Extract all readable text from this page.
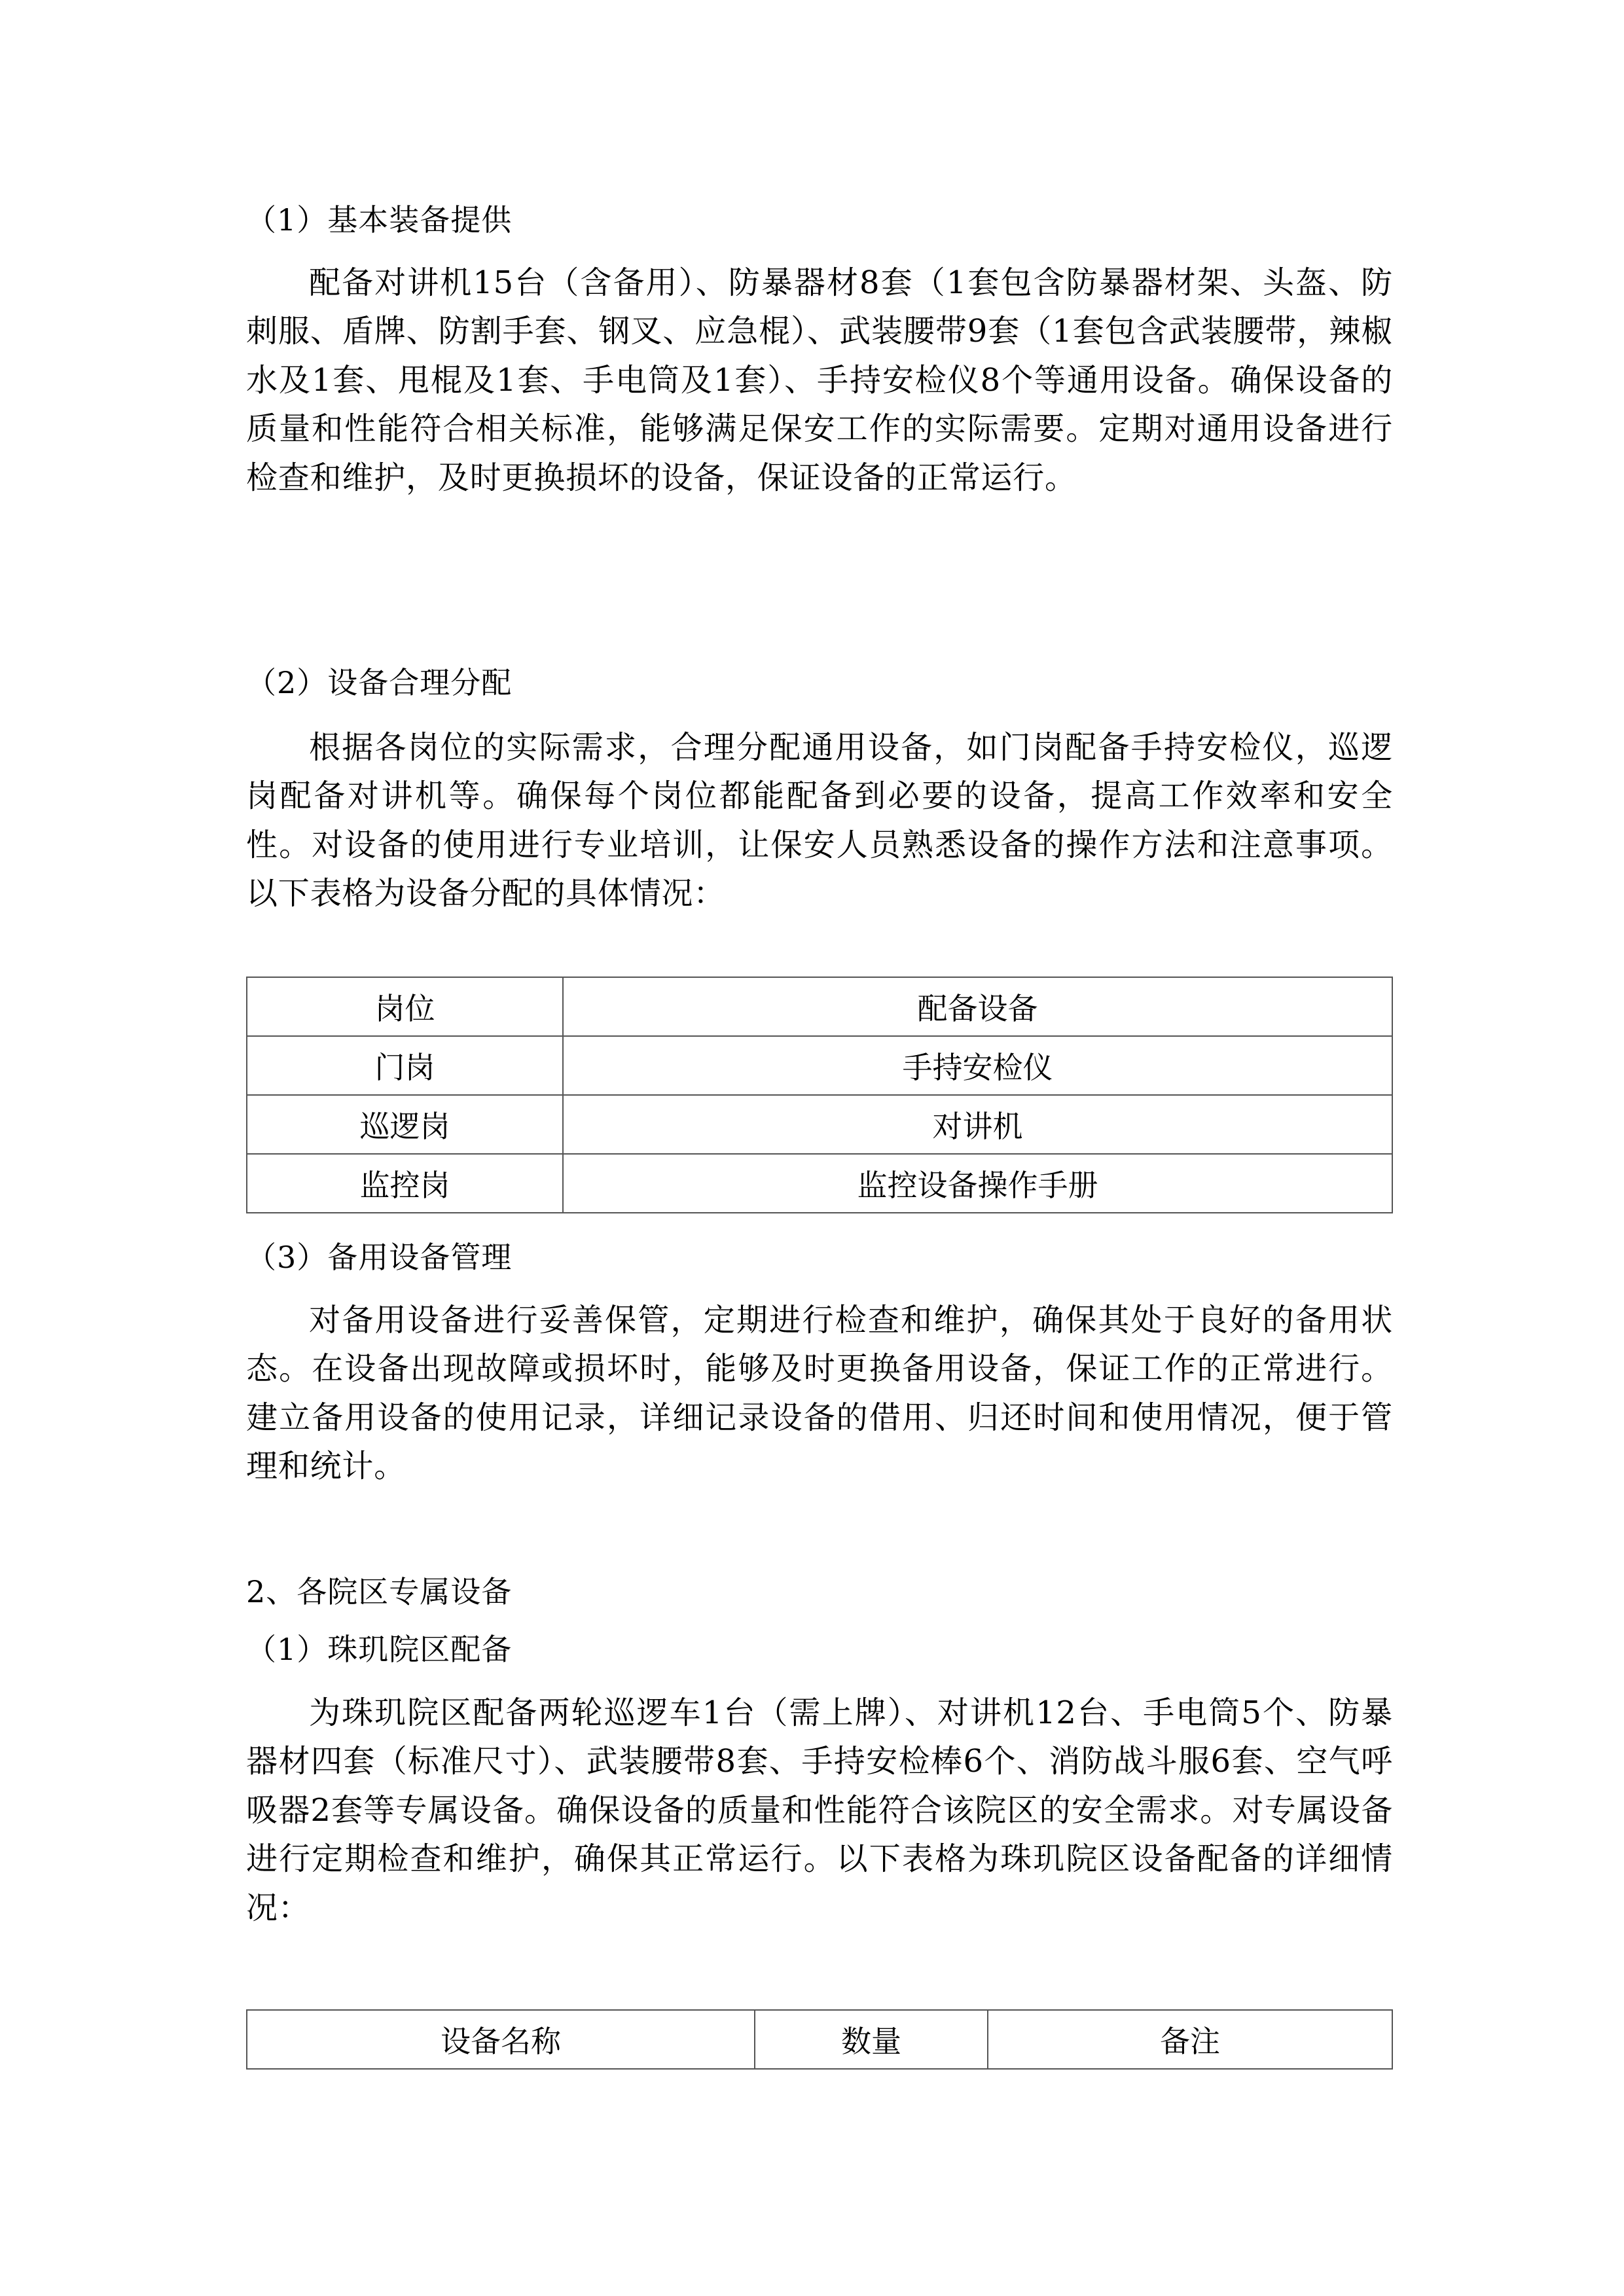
（1）基本装备提供
配备对讲机15台（含备用）、防暴器材8套（1套包含防暴器材架、头盔、防刺服、盾牌、防割手套、钢叉、应急棍）、武装腰带9套（1套包含武装腰带，辣椒水及1套、甩棍及1套、手电筒及1套）、手持安检仪8个等通用设备。确保设备的质量和性能符合相关标准，能够满足保安工作的实际需要。定期对通用设备进行检查和维护，及时更换损坏的设备，保证设备的正常运行。
（2）设备合理分配
根据各岗位的实际需求，合理分配通用设备，如门岗配备手持安检仪，巡逻岗配备对讲机等。确保每个岗位都能配备到必要的设备，提高工作效率和安全性。对设备的使用进行专业培训，让保安人员熟悉设备的操作方法和注意事项。以下表格为设备分配的具体情况：
岗位	配备设备
门岗	手持安检仪
巡逻岗	对讲机
监控岗	监控设备操作手册
（3）备用设备管理
对备用设备进行妥善保管，定期进行检查和维护，确保其处于良好的备用状态。在设备出现故障或损坏时，能够及时更换备用设备，保证工作的正常进行。建立备用设备的使用记录，详细记录设备的借用、归还时间和使用情况，便于管理和统计。
2、各院区专属设备
（1）珠玑院区配备
为珠玑院区配备两轮巡逻车1台（需上牌）、对讲机12台、手电筒5个、防暴器材四套（标准尺寸）、武装腰带8套、手持安检棒6个、消防战斗服6套、空气呼吸器2套等专属设备。确保设备的质量和性能符合该院区的安全需求。对专属设备进行定期检查和维护，确保其正常运行。以下表格为珠玑院区设备配备的详细情况：
设备名称	数量	备注
